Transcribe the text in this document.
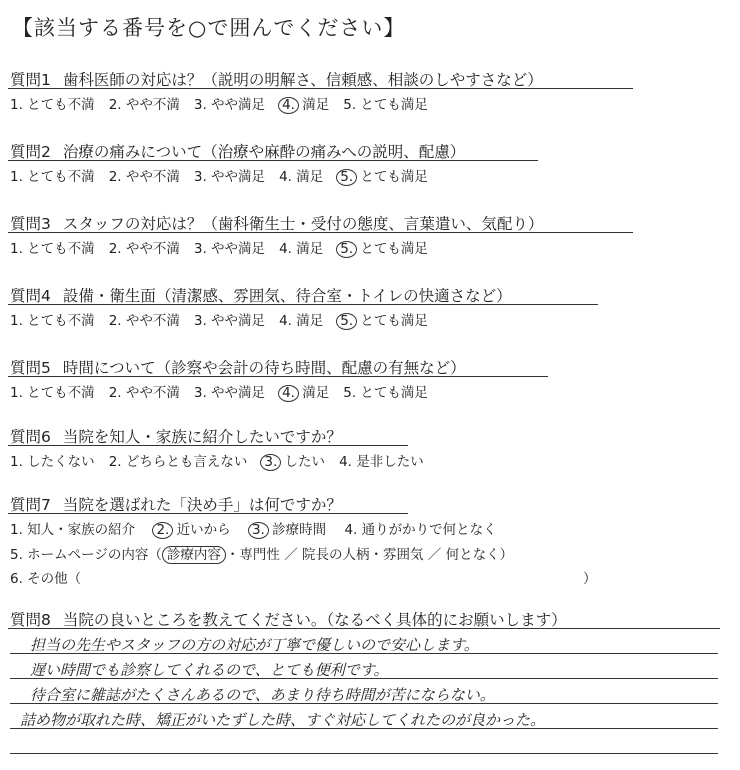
【該当する番号を○で囲んでください】
質問1 歯科医師の対応は？（説明の明解さ、信頼感、相談のしやすさなど）
1. とても不満 2. やや不満 3. やや満足 4. 満足 5. とても満足
質問2 治療の痛みについて（治療や麻酔の痛みへの説明、配慮）
1. とても不満 2. やや不満 3. やや満足 4. 満足 5. とても満足
質問3 スタッフの対応は？（歯科衛生士・受付の態度、言葉遣い、気配り）
1. とても不満 2. やや不満 3. やや満足 4. 満足 5. とても満足
質問4 設備・衛生面（清潔感、雰囲気、待合室・トイレの快適さなど）
1. とても不満 2. やや不満 3. やや満足 4. 満足 5. とても満足
質問5 時間について（診察や会計の待ち時間、配慮の有無など）
1. とても不満 2. やや不満 3. やや満足 4. 満足 5. とても満足
質問6 当院を知人・家族に紹介したいですか？
1. したくない 2. どちらとも言えない 3. したい 4. 是非したい
質問7 当院を選ばれた「決め手」は何ですか？
1. 知人・家族の紹介 2. 近いから 3. 診療時間 4. 通りがかりで何となく
5. ホームページの内容（ 診療内容 ・専門性 ／ 院長の人柄・雰囲気 ／ 何となく）
6. その他（	）
質問8 当院の良いところを教えてください。（なるべく具体的にお願いします）
担当の先生やスタッフの方の対応が丁寧で優しいので安心します。
遅い時間でも診察してくれるので、とても便利です。
待合室に雑誌がたくさんあるので、あまり待ち時間が苦にならない。
詰め物が取れた時、矯正がいたずした時、すぐ対応してくれたのが良かった。
